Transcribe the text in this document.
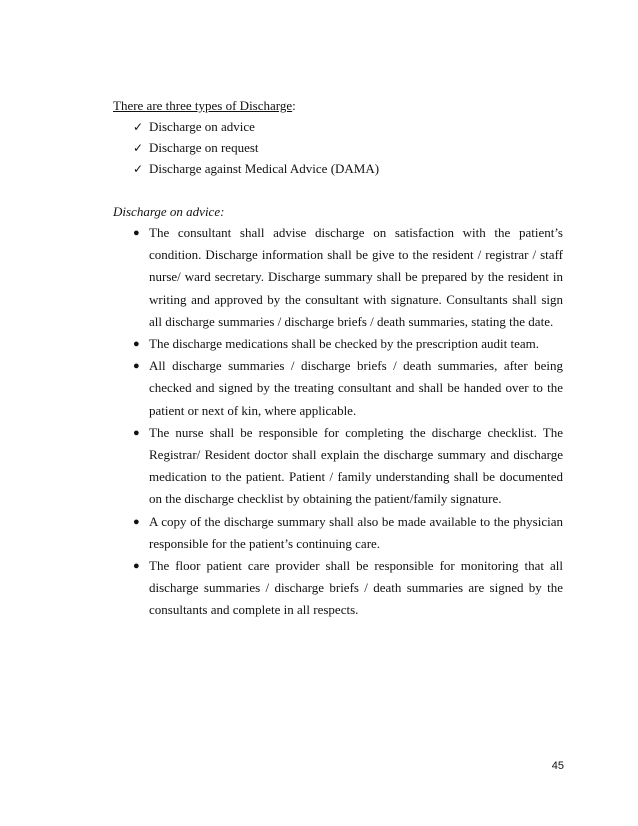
There are three types of Discharge:
✓ Discharge on advice
✓ Discharge on request
✓ Discharge against Medical Advice (DAMA)
Discharge on advice:
● The consultant shall advise discharge on satisfaction with the patient’s condition. Discharge information shall be give to the resident / registrar / staff nurse/ ward secretary. Discharge summary shall be prepared by the resident in writing and approved by the consultant with signature. Consultants shall sign all discharge summaries / discharge briefs / death summaries, stating the date.
● The discharge medications shall be checked by the prescription audit team.
● All discharge summaries / discharge briefs / death summaries, after being checked and signed by the treating consultant and shall be handed over to the patient or next of kin, where applicable.
● The nurse shall be responsible for completing the discharge checklist. The Registrar/ Resident doctor shall explain the discharge summary and discharge medication to the patient. Patient / family understanding shall be documented on the discharge checklist by obtaining the patient/family signature.
● A copy of the discharge summary shall also be made available to the physician responsible for the patient’s continuing care.
● The floor patient care provider shall be responsible for monitoring that all discharge summaries / discharge briefs / death summaries are signed by the consultants and complete in all respects.
45
